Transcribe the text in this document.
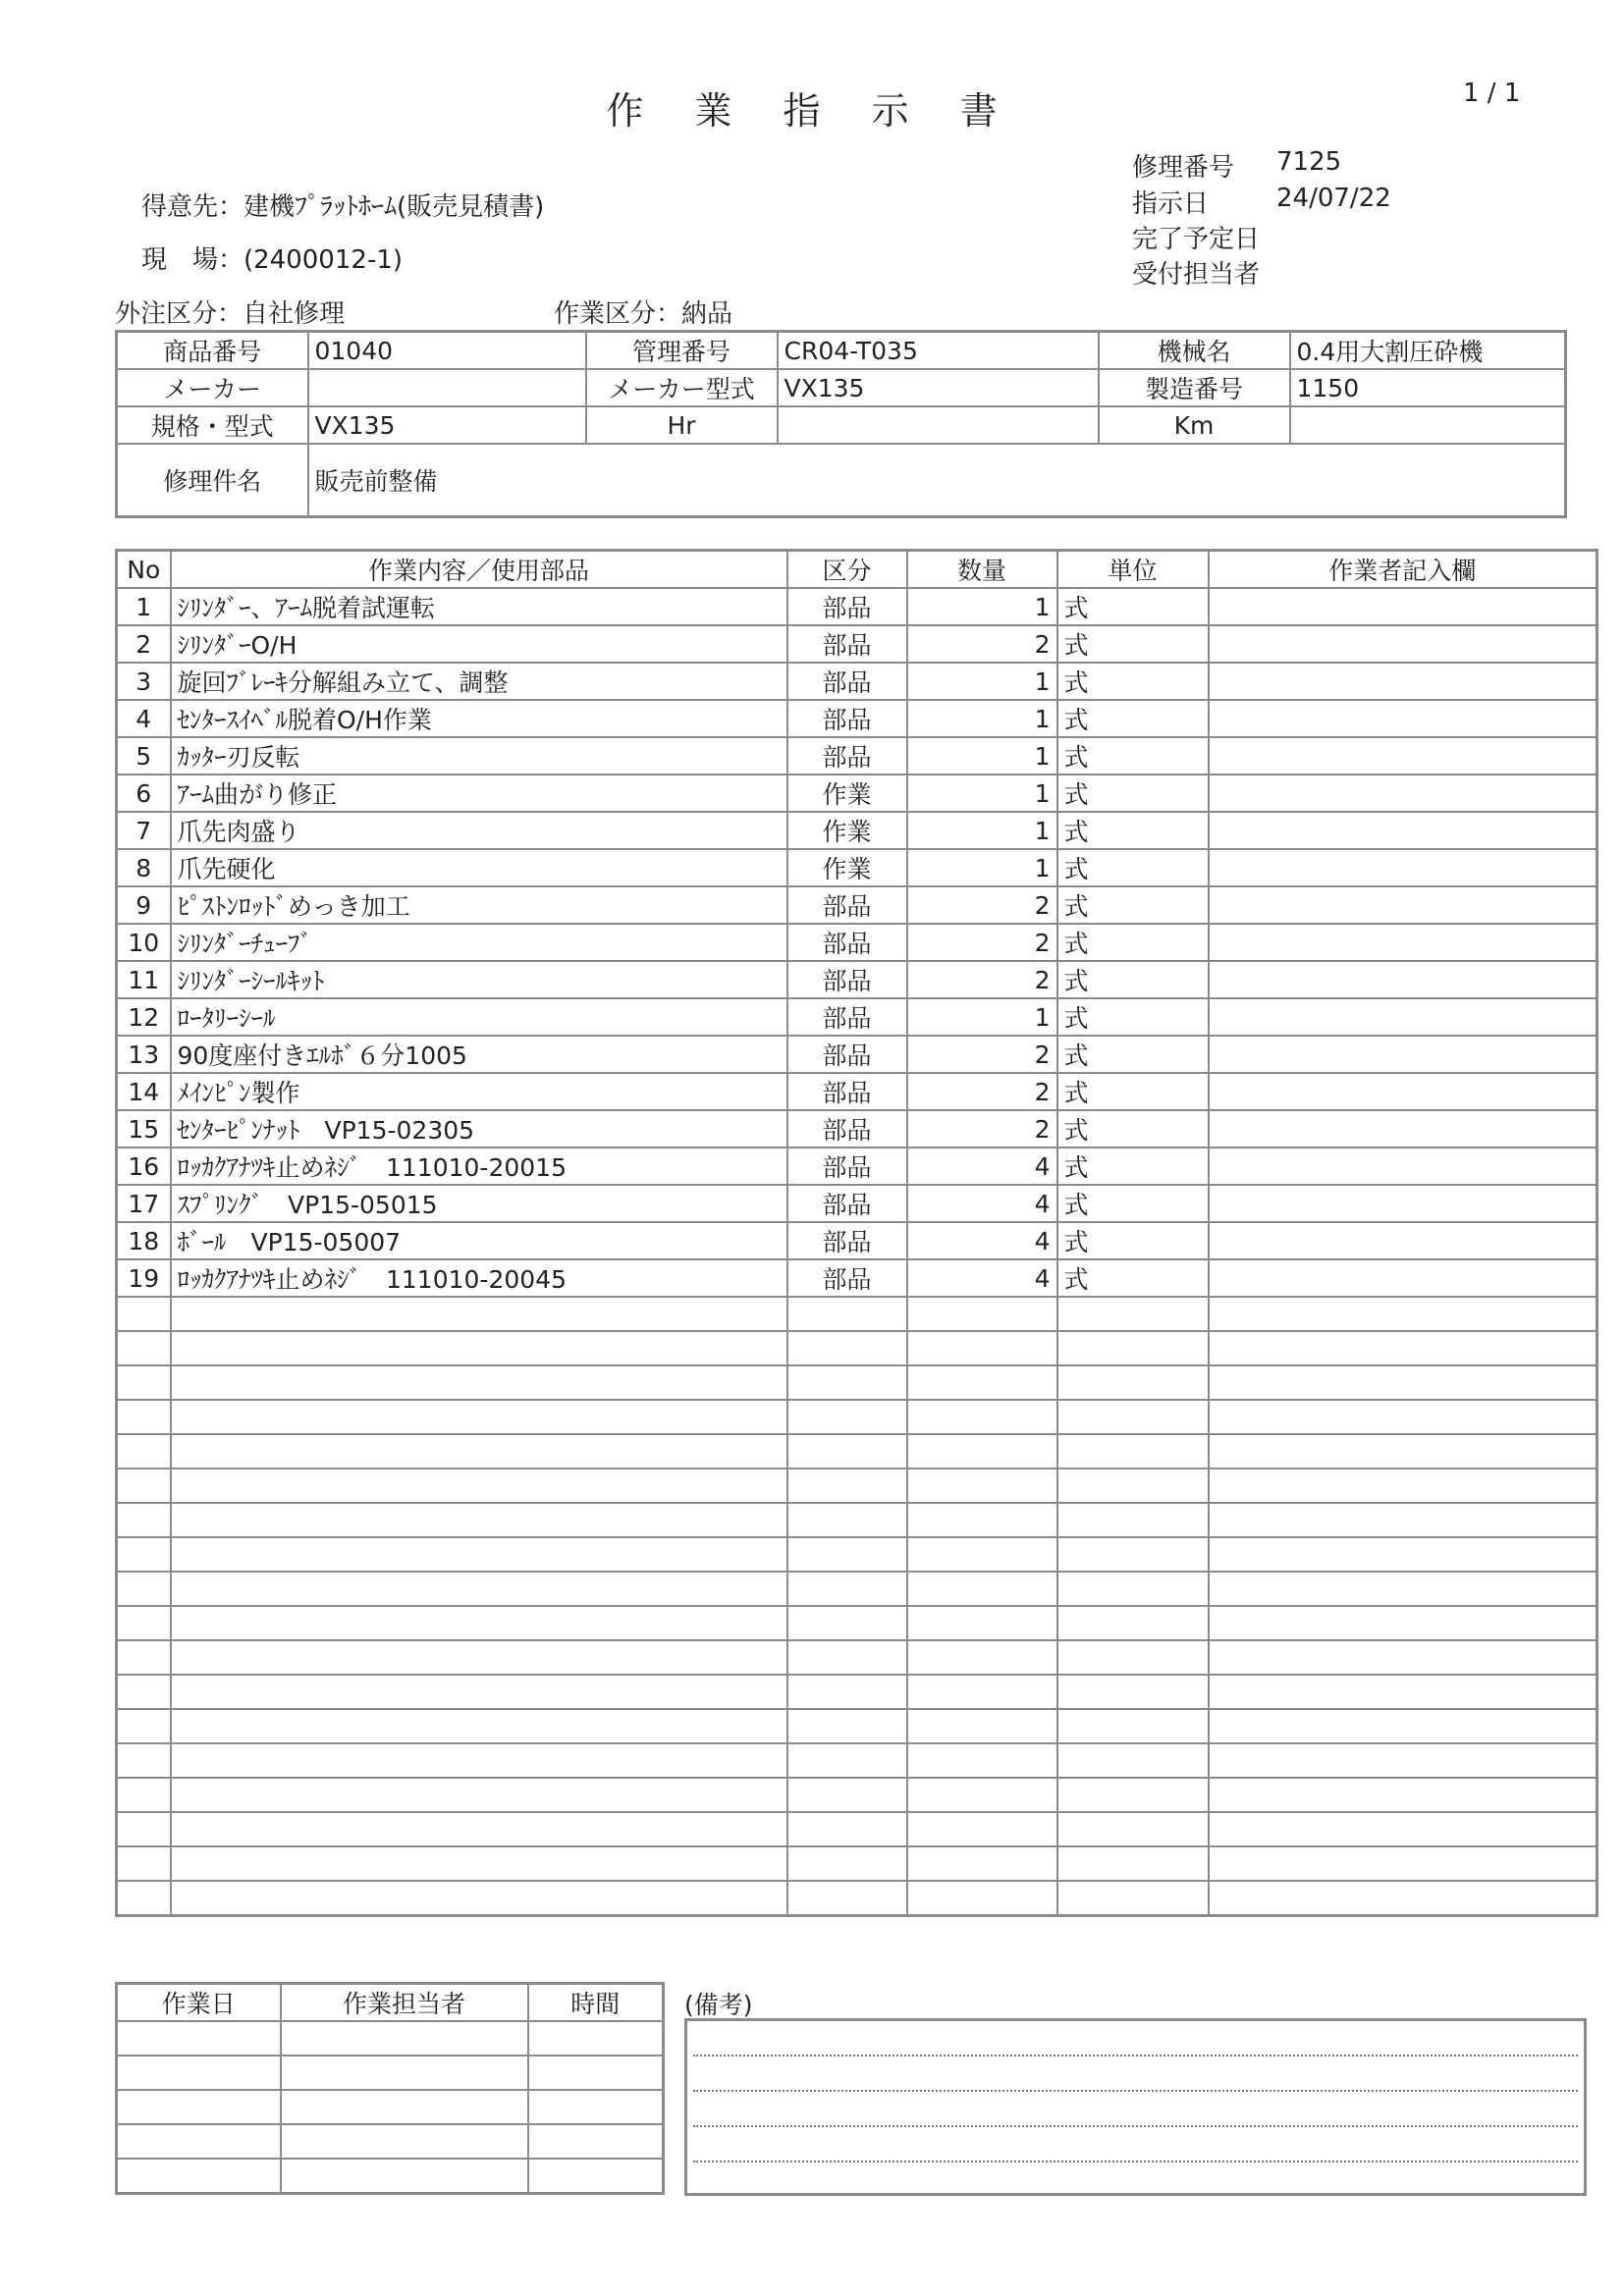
作 業 指 示 書	1 / 1
修理番号 7125
指示日	24/07/22
完了予定日
受付担当者
得意先：建機ﾌﾟﾗｯﾄﾎｰﾑ(販売見積書)
現　場：(2400012-1)
外注区分：自社修理	作業区分：納品
商品番号	01040	管理番号	CR04-T035	機械名	0.4用大割圧砕機
メーカー		メーカー型式	VX135	製造番号	1150
規格・型式	VX135	Hr		Km	
修理件名	販売前整備				
No	作業内容／使用部品	区分	数量	単位	作業者記入欄
1	ｼﾘﾝﾀﾞｰ、ｱｰﾑ脱着試運転	部品	1	式	
2	ｼﾘﾝﾀﾞｰO/H	部品	2	式	
3	旋回ﾌﾞﾚｰｷ分解組み立て、調整	部品	1	式	
4	ｾﾝﾀｰｽｲﾍﾞﾙ脱着O/H作業	部品	1	式	
5	ｶｯﾀｰ刃反転	部品	1	式	
6	ｱｰﾑ曲がり修正	作業	1	式	
7	爪先肉盛り	作業	1	式	
8	爪先硬化	作業	1	式	
9	ﾋﾟｽﾄﾝﾛｯﾄﾞめっき加工	部品	2	式	
10	ｼﾘﾝﾀﾞｰﾁｭｰﾌﾞ	部品	2	式	
11	ｼﾘﾝﾀﾞｰｼｰﾙｷｯﾄ	部品	2	式	
12	ﾛｰﾀﾘｰｼｰﾙ	部品	1	式	
13	90度座付きｴﾙﾎﾞ６分1005	部品	2	式	
14	ﾒｲﾝﾋﾟﾝ製作	部品	2	式	
15	ｾﾝﾀｰﾋﾟﾝﾅｯﾄ　VP15-02305	部品	2	式	
16	ﾛｯｶｸｱﾅﾂｷ止めﾈｼﾞ　111010-20015	部品	4	式	
17	ｽﾌﾟﾘﾝｸﾞ　VP15-05015	部品	4	式	
18	ﾎﾞｰﾙ　VP15-05007	部品	4	式	
19	ﾛｯｶｸｱﾅﾂｷ止めﾈｼﾞ　111010-20045	部品	4	式	

作業日	作業担当者	時間

			(備考)
